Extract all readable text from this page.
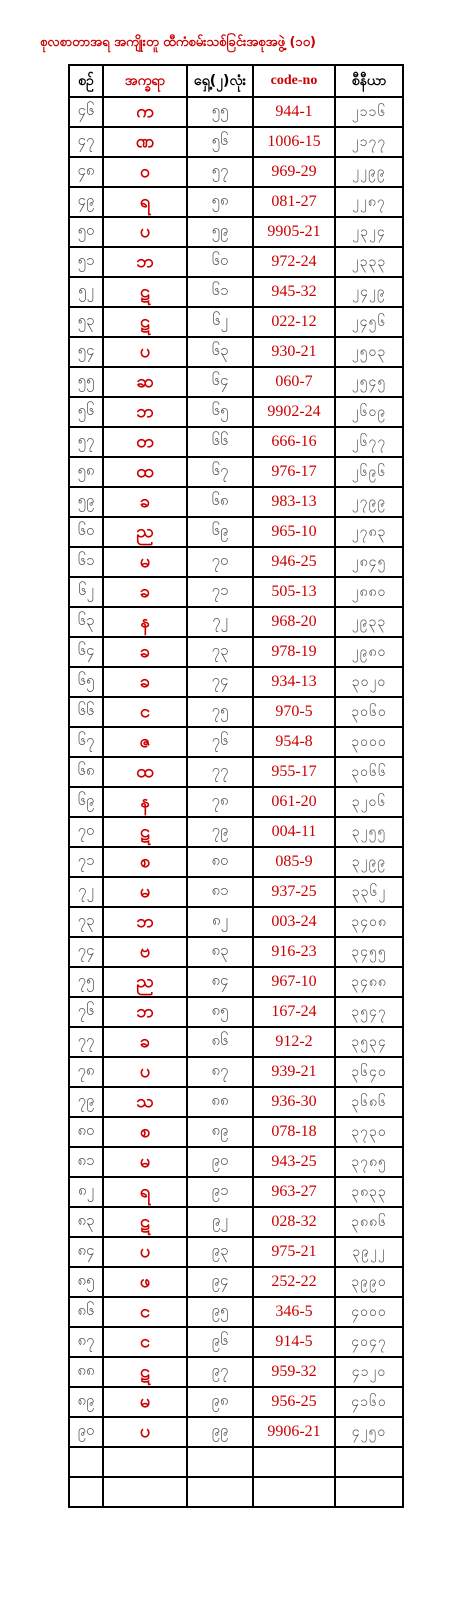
စုလစာတာအရ အကျိုးတူ ထီကံစမ်းသစ်ခြင်းအစုအဖွဲ့ (၁၀)
စဉ်	အက္ခရာ	ရှေ့(၂)လုံး	code-no	စီနီယာ
၄၆	က	၅၅	944-1	၂၁၁၆
၄၇	ဏ	၅၆	1006-15	၂၁၇၇
၄၈	ဝ	၅၇	969-29	၂၂၉၉
၄၉	ရ	၅၈	081-27	၂၂၈၇
၅၀	ပ	၅၉	9905-21	၂၃၂၄
၅၁	ဘ	၆၀	972-24	၂၃၃၃
၅၂	ဋ	၆၁	945-32	၂၄၂၉
၅၃	ဋ	၆၂	022-12	၂၄၅၆
၅၄	ပ	၆၃	930-21	၂၅၀၃
၅၅	ဆ	၆၄	060-7	၂၅၄၅
၅၆	ဘ	၆၅	9902-24	၂၆၀၉
၅၇	တ	၆၆	666-16	၂၆၇၇
၅၈	ထ	၆၇	976-17	၂၆၉၆
၅၉	ခ	၆၈	983-13	၂၇၉၉
၆၀	ည	၆၉	965-10	၂၇၈၃
၆၁	မ	၇၀	946-25	၂၈၄၅
၆၂	ခ	၇၁	505-13	၂၈၈၀
၆၃	န	၇၂	968-20	၂၉၃၃
၆၄	ခ	၇၃	978-19	၂၉၈၀
၆၅	ခ	၇၄	934-13	၃၀၂၀
၆၆	င	၇၅	970-5	၃၀၆၀
၆၇	ဇ	၇၆	954-8	၃၀၀၀
၆၈	ထ	၇၇	955-17	၃၀၆၆
၆၉	န	၇၈	061-20	၃၂၀၆
၇၀	ဋ	၇၉	004-11	၃၂၅၅
၇၁	စ	၈၀	085-9	၃၂၉၉
၇၂	မ	၈၁	937-25	၃၃၆၂
၇၃	ဘ	၈၂	003-24	၃၄၀၈
၇၄	ဗ	၈၃	916-23	၃၄၅၅
၇၅	ည	၈၄	967-10	၃၄၈၈
၇၆	ဘ	၈၅	167-24	၃၅၄၇
၇၇	ခ	၈၆	912-2	၃၅၃၄
၇၈	ပ	၈၇	939-21	၃၆၄၀
၇၉	သ	၈၈	936-30	၃၆၈၆
၈၀	စ	၈၉	078-18	၃၇၃၀
၈၁	မ	၉၀	943-25	၃၇၈၅
၈၂	ရ	၉၁	963-27	၃၈၃၃
၈၃	ဋ	၉၂	028-32	၃၈၈၆
၈၄	ပ	၉၃	975-21	၃၉၂၂
၈၅	ဖ	၉၄	252-22	၃၉၉၀
၈၆	င	၉၅	346-5	၄၀၀၀
၈၇	င	၉၆	914-5	၄၀၄၇
၈၈	ဋ	၉၇	959-32	၄၁၂၀
၈၉	မ	၉၈	956-25	၄၁၆၀
၉၀	ပ	၉၉	9906-21	၄၂၅၀
